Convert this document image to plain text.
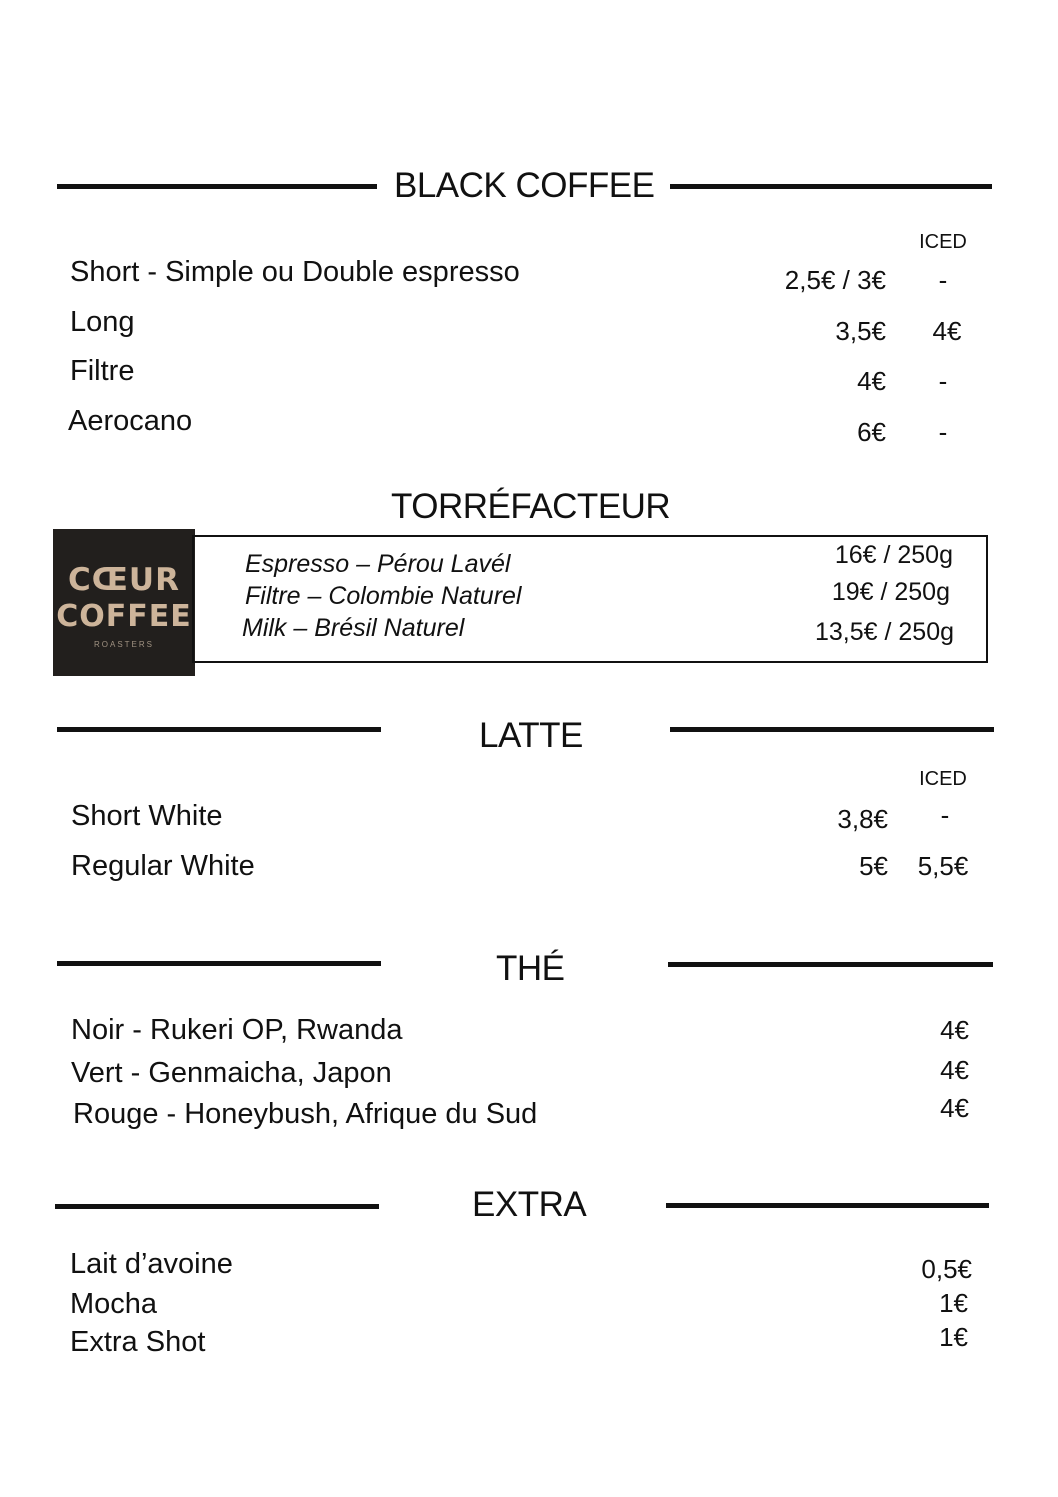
BLACK COFFEE
ICED
Short - Simple ou Double espresso	2,5€ / 3€	-
Long	3,5€	4€
Filtre	4€	-
Aerocano	6€	-
TORRÉFACTEUR
CŒUR
COFFEE
ROASTERS
Espresso – Pérou Lavél	16€ / 250g
Filtre – Colombie Naturel	19€ / 250g
Milk – Brésil Naturel	13,5€ / 250g
LATTE
ICED
Short White	3,8€	-
Regular White	5€ 5,5€
THÉ
Noir - Rukeri OP, Rwanda	4€
Vert - Genmaicha, Japon	4€
Rouge - Honeybush, Afrique du Sud	4€
EXTRA
Lait d’avoine	0,5€
Mocha	1€
Extra Shot	1€
